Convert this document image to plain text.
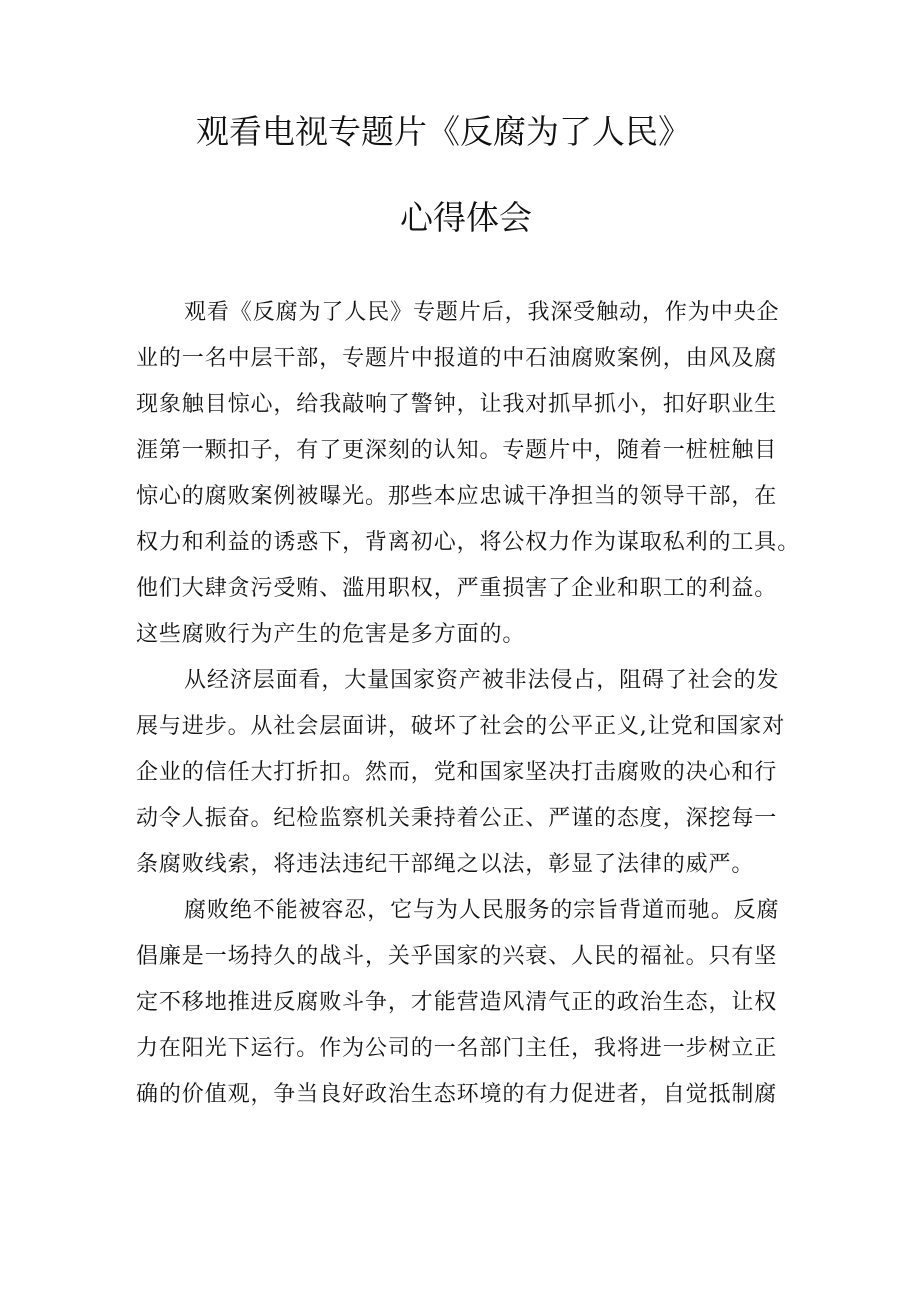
观看电视专题片《反腐为了人民》
心得体会
观看《反腐为了人民》专题片后，我深受触动，作为中央企
业的一名中层干部，专题片中报道的中石油腐败案例，由风及腐
现象触目惊心，给我敲响了警钟，让我对抓早抓小，扣好职业生
涯第一颗扣子，有了更深刻的认知。专题片中，随着一桩桩触目
惊心的腐败案例被曝光。那些本应忠诚干净担当的领导干部，在
权力和利益的诱惑下，背离初心，将公权力作为谋取私利的工具。
他们大肆贪污受贿、滥用职权，严重损害了企业和职工的利益。
这些腐败行为产生的危害是多方面的。
从经济层面看，大量国家资产被非法侵占，阻碍了社会的发
展与进步。从社会层面讲，破坏了社会的公平正义,让党和国家对
企业的信任大打折扣。然而，党和国家坚决打击腐败的决心和行
动令人振奋。纪检监察机关秉持着公正、严谨的态度，深挖每一
条腐败线索，将违法违纪干部绳之以法，彰显了法律的威严。
腐败绝不能被容忍，它与为人民服务的宗旨背道而驰。反腐
倡廉是一场持久的战斗，关乎国家的兴衰、人民的福祉。只有坚
定不移地推进反腐败斗争，才能营造风清气正的政治生态，让权
力在阳光下运行。作为公司的一名部门主任，我将进一步树立正
确的价值观，争当良好政治生态环境的有力促进者，自觉抵制腐
